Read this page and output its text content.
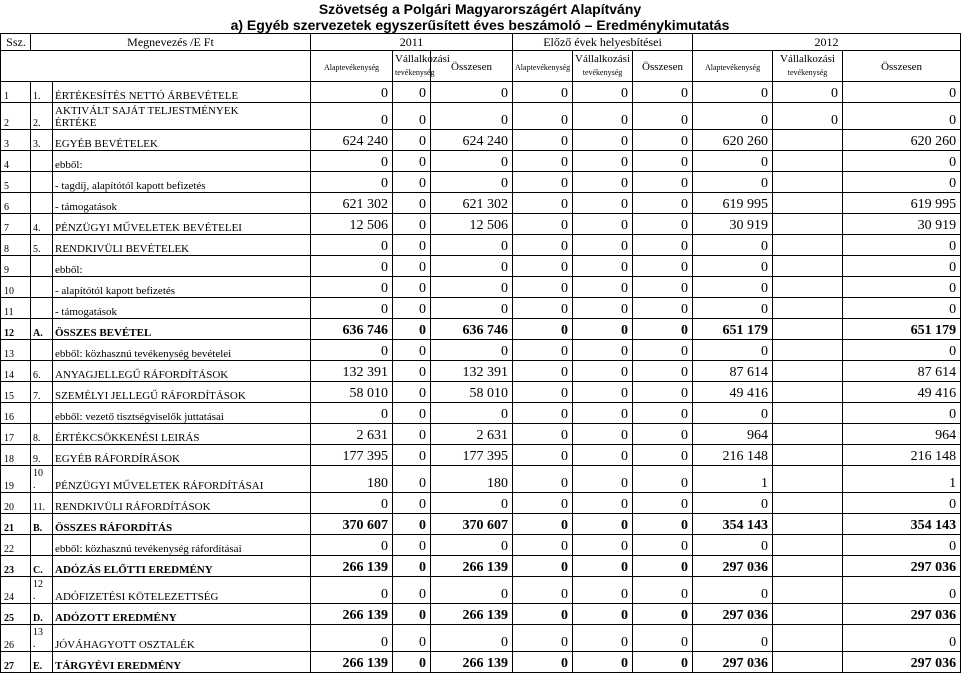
Szövetség a Polgári Magyarországért Alapítvány
a) Egyéb szervezetek egyszerűsített éves beszámoló – Eredménykimutatás
Ssz.	Megnevezés /E Ft		2011			Előző évek helyesbítései			2012		
			Alaptevékenység	Vállalkozási
tevékenység	Összesen	Alaptevékenység	Vállalkozási
tevékenység	Összesen	Alaptevékenység	Vállalkozási
tevékenység	Összesen
1	1.	ÉRTÉKESÍTÉS NETTÓ ÁRBEVÉTELE	0	0	0	0	0	0	0	0	0
2	2.	AKTIVÁLT SAJÁT TELJESTMÉNYEK
ÉRTÉKE	0	0	0	0	0	0	0	0	0
3	3.	EGYÉB BEVÉTELEK	624 240	0	624 240	0	0	0	620 260		620 260
4		ebből:	0	0	0	0	0	0	0		0
5		- tagdíj, alapítótól kapott befizetés	0	0	0	0	0	0	0		0
6		- támogatások	621 302	0	621 302	0	0	0	619 995		619 995
7	4.	PÉNZÜGYI MŰVELETEK BEVÉTELEI	12 506	0	12 506	0	0	0	30 919		30 919
8	5.	RENDKIVÜLI BEVÉTELEK	0	0	0	0	0	0	0		0
9		ebből:	0	0	0	0	0	0	0		0
10		- alapítótól kapott befizetés	0	0	0	0	0	0	0		0
11		- támogatások	0	0	0	0	0	0	0		0
12	A.	ÖSSZES BEVÉTEL	636 746	0	636 746	0	0	0	651 179		651 179
13		ebből: közhasznú tevékenység bevételei	0	0	0	0	0	0	0		0
14	6.	ANYAGJELLEGŰ RÁFORDÍTÁSOK	132 391	0	132 391	0	0	0	87 614		87 614
15	7.	SZEMÉLYI JELLEGŰ RÁFORDÍTÁSOK	58 010	0	58 010	0	0	0	49 416		49 416
16		ebből: vezető tisztségviselők juttatásai	0	0	0	0	0	0	0		0
17	8.	ÉRTÉKCSÖKKENÉSI LEIRÁS	2 631	0	2 631	0	0	0	964		964
18	9.	EGYÉB RÁFORDÍRÁSOK	177 395	0	177 395	0	0	0	216 148		216 148
19	10
.	PÉNZÜGYI MŰVELETEK RÁFORDÍTÁSAI	180	0	180	0	0	0	1		1
20	11.	RENDKIVÜLI RÁFORDÍTÁSOK	0	0	0	0	0	0	0		0
21	B.	ÖSSZES RÁFORDÍTÁS	370 607	0	370 607	0	0	0	354 143		354 143
22		ebből: közhasznú tevékenység ráfordításai	0	0	0	0	0	0	0		0
23	C.	ADÓZÁS ELŐTTI EREDMÉNY	266 139	0	266 139	0	0	0	297 036		297 036
24	12
.	ADÓFIZETÉSI KÖTELEZETTSÉG	0	0	0	0	0	0	0		0
25	D.	ADÓZOTT EREDMÉNY	266 139	0	266 139	0	0	0	297 036		297 036
26	13
.	JÓVÁHAGYOTT OSZTALÉK	0	0	0	0	0	0	0		0
27	E.	TÁRGYÉVI EREDMÉNY	266 139	0	266 139	0	0	0	297 036		297 036
